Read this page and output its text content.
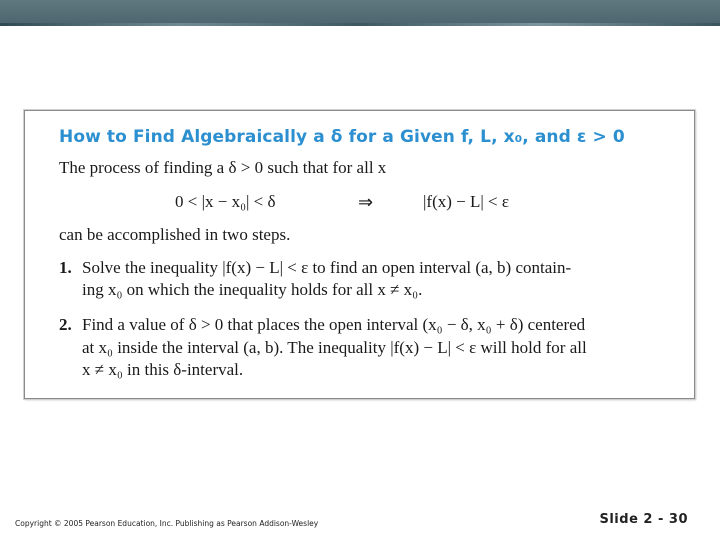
How to Find Algebraically a δ for a Given f, L, x₀, and ε > 0
The process of finding a δ > 0 such that for all x
0 < |x − x₀| < δ	⇒	|f(x) − L| < ε
can be accomplished in two steps.
1. Solve the inequality |f(x) − L| < ε to find an open interval (a, b) contain-
ing x₀ on which the inequality holds for all x ≠ x₀.
2. Find a value of δ > 0 that places the open interval (x₀ − δ, x₀ + δ) centered
at x₀ inside the interval (a, b). The inequality |f(x) − L| < ε will hold for all
x ≠ x₀ in this δ-interval.
Copyright © 2005 Pearson Education, Inc. Publishing as Pearson Addison-Wesley	Slide 2 - 30
